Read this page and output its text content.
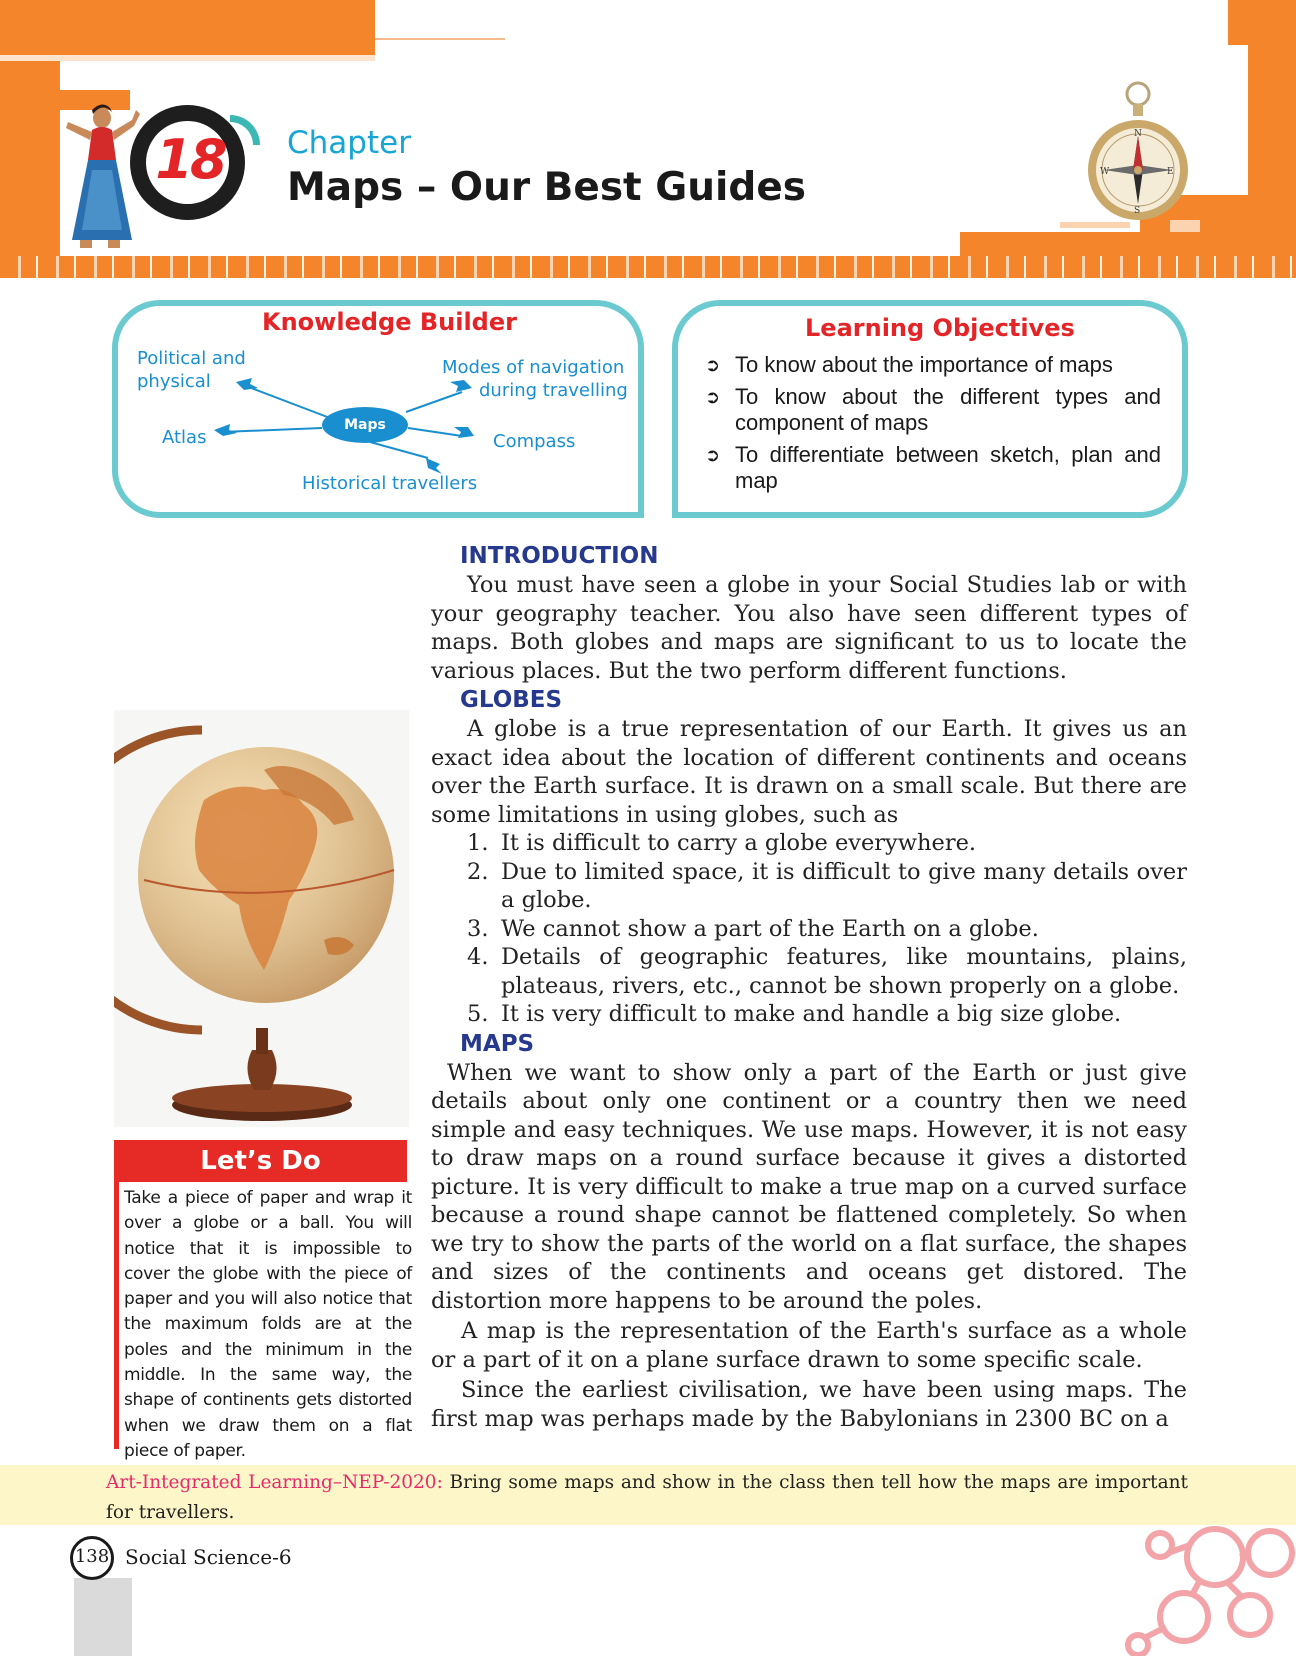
18 Chapter
Maps – Our Best Guides
N
E
S
W
Knowledge Builder
Political and
physical
Atlas
Historical travellers
Modes of navigation
during travelling
Compass
Maps
Learning Objectives
➲ To know about the importance of maps
➲ To know about the different types and component of maps
➲ To differentiate between sketch, plan and map
INTRODUCTION

You must have seen a globe in your Social Studies lab or with your geography teacher. You also have seen different types of maps. Both globes and maps are significant to us to locate the various places. But the two perform different functions.

GLOBES

A globe is a true representation of our Earth. It gives us an exact idea about the location of different continents and oceans over the Earth surface. It is drawn on a small scale. But there are some limitations in using globes, such as

1. It is difficult to carry a globe everywhere.
2. Due to limited space, it is difficult to give many details over a globe.
3. We cannot show a part of the Earth on a globe.
4. Details of geographic features, like mountains, plains, plateaus, rivers, etc., cannot be shown properly on a globe.
5. It is very difficult to make and handle a big size globe.
MAPS

When we want to show only a part of the Earth or just give details about only one continent or a country then we need simple and easy techniques. We use maps. However, it is not easy to draw maps on a round surface because it gives a distorted picture. It is very difficult to make a true map on a curved surface because a round shape cannot be flattened completely. So when we try to show the parts of the world on a flat surface, the shapes and sizes of the continents and oceans get distored. The distortion more happens to be around the poles.

A map is the representation of the Earth's surface as a whole or a part of it on a plane surface drawn to some specific scale.

Since the earliest civilisation, we have been using maps. The first map was perhaps made by the Babylonians in 2300 BC on a

Let’s Do
Take a piece of paper and wrap it over a globe or a ball. You will notice that it is impossible to cover the globe with the piece of paper and you will also notice that the maximum folds are at the poles and the minimum in the middle. In the same way, the shape of continents gets distorted when we draw them on a flat piece of paper.
Art-Integrated Learning–NEP-2020: Bring some maps and show in the class then tell how the maps are important for travellers.
138 Social Science-6
